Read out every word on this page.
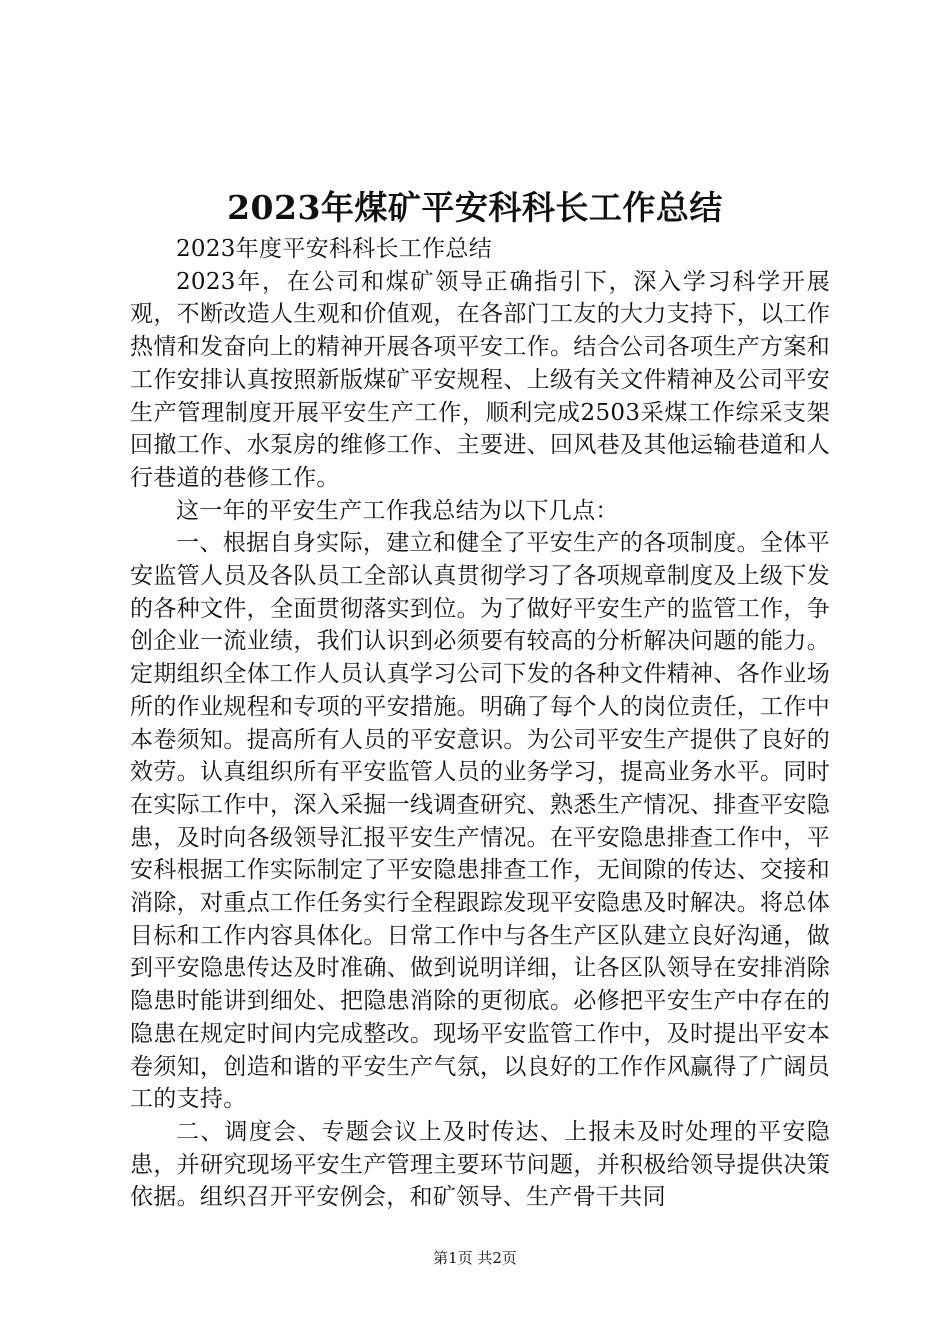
2023年煤矿平安科科长工作总结

2023年度平安科科长工作总结

2023年，在公司和煤矿领导正确指引下，深入学习科学开展观，不断改造人生观和价值观，在各部门工友的大力支持下，以工作热情和发奋向上的精神开展各项平安工作。结合公司各项生产方案和工作安排认真按照新版煤矿平安规程、上级有关文件精神及公司平安生产管理制度开展平安生产工作，顺利完成2503采煤工作综采支架回撤工作、水泵房的维修工作、主要进、回风巷及其他运输巷道和人行巷道的巷修工作。

这一年的平安生产工作我总结为以下几点：

一、根据自身实际，建立和健全了平安生产的各项制度。全体平安监管人员及各队员工全部认真贯彻学习了各项规章制度及上级下发的各种文件，全面贯彻落实到位。为了做好平安生产的监管工作，争创企业一流业绩，我们认识到必须要有较高的分析解决问题的能力。定期组织全体工作人员认真学习公司下发的各种文件精神、各作业场所的作业规程和专项的平安措施。明确了每个人的岗位责任，工作中本卷须知。提高所有人员的平安意识。为公司平安生产提供了良好的效劳。认真组织所有平安监管人员的业务学习，提高业务水平。同时在实际工作中，深入采掘一线调查研究、熟悉生产情况、排查平安隐患，及时向各级领导汇报平安生产情况。在平安隐患排查工作中，平安科根据工作实际制定了平安隐患排查工作，无间隙的传达、交接和消除，对重点工作任务实行全程跟踪发现平安隐患及时解决。将总体目标和工作内容具体化。日常工作中与各生产区队建立良好沟通，做到平安隐患传达及时准确、做到说明详细，让各区队领导在安排消除隐患时能讲到细处、把隐患消除的更彻底。必修把平安生产中存在的隐患在规定时间内完成整改。现场平安监管工作中，及时提出平安本卷须知，创造和谐的平安生产气氛，以良好的工作作风赢得了广阔员工的支持。

二、调度会、专题会议上及时传达、上报未及时处理的平安隐患，并研究现场平安生产管理主要环节问题，并积极给领导提供决策依据。组织召开平安例会，和矿领导、生产骨干共同

第1页 共2页
